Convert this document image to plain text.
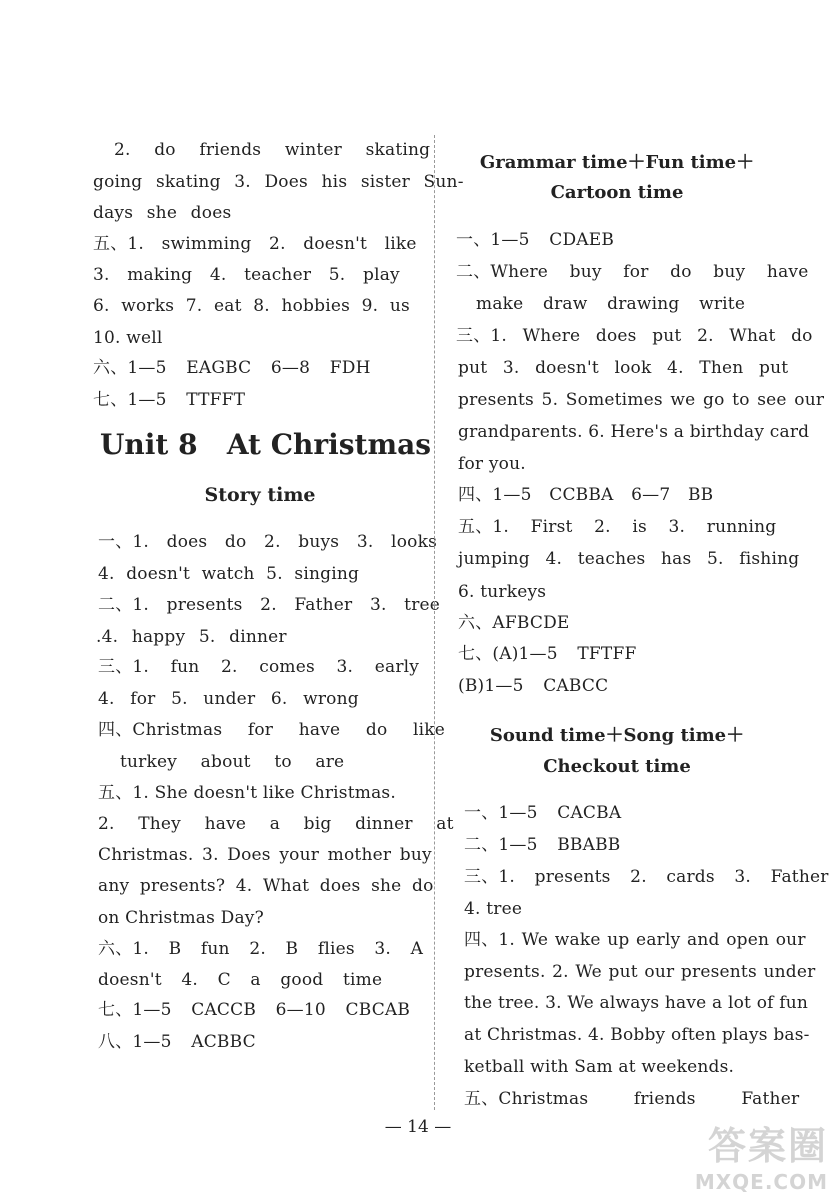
2. do friends winter skating
going skating 3. Does his sister Sun-
days she does
五、1. swimming 2. doesn't like
3. making 4. teacher 5. play
6. works 7. eat 8. hobbies 9. us
10. well
六、1—5 EAGBC 6—8 FDH
七、1—5 TTFFT
Unit 8   At Christmas
Story time
一、1. does do 2. buys 3. looks
4. doesn't watch 5. singing
二、1. presents 2. Father 3. tree
.4. happy 5. dinner
三、1. fun 2. comes 3. early
4. for 5. under 6. wrong
四、Christmas for have do like
turkey about to are
五、1. She doesn't like Christmas.
2. They have a big dinner at
Christmas. 3. Does your mother buy
any presents? 4. What does she do
on Christmas Day?
六、1. B fun 2. B flies 3. A
doesn't 4. C a good time
七、1—5 CACCB 6—10 CBCAB
八、1—5 ACBBC
Grammar time＋Fun time＋
Cartoon time
一、1—5 CDAEB
二、Where buy for do buy have
make draw drawing write
三、1. Where does put 2. What do
put 3. doesn't look 4. Then put
presents 5. Sometimes we go to see our
grandparents. 6. Here's a birthday card
for you.
四、1—5 CCBBA 6—7 BB
五、1. First 2. is 3. running
jumping 4. teaches has 5. fishing
6. turkeys
六、AFBCDE
七、(A)1—5 TFTFF
(B)1—5 CABCC
Sound time＋Song time＋
Checkout time
一、1—5 CACBA
二、1—5 BBABB
三、1. presents 2. cards 3. Father
4. tree
四、1. We wake up early and open our
presents. 2. We put our presents under
the tree. 3. We always have a lot of fun
at Christmas. 4. Bobby often plays bas-
ketball with Sam at weekends.
五、Christmas friends Father
— 14 —	答案圈
MXQE.COM
